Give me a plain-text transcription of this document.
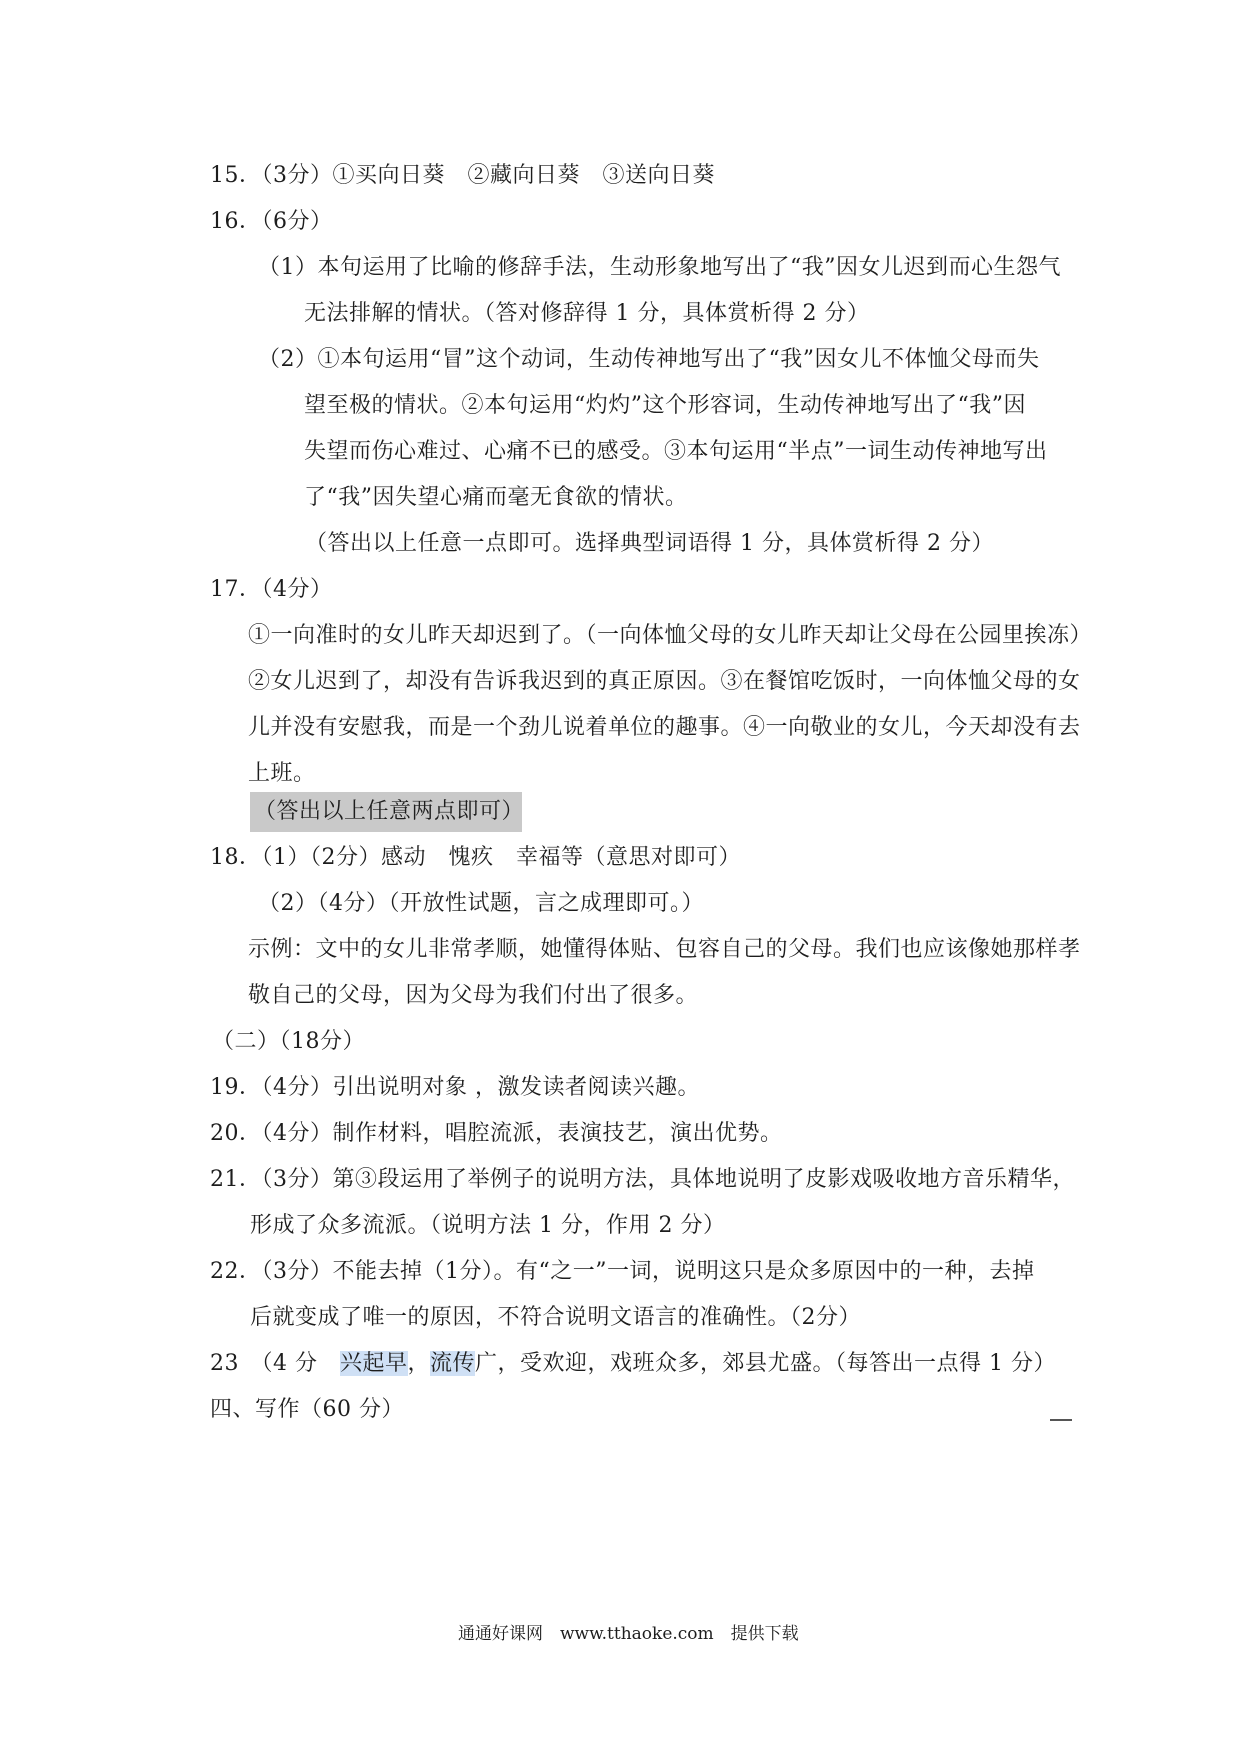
15．（3分）①买向日葵　②藏向日葵　③送向日葵
16．（6分）
（1）本句运用了比喻的修辞手法，生动形象地写出了“我”因女儿迟到而心生怨气
无法排解的情状。（答对修辞得 1 分，具体赏析得 2 分）
（2）①本句运用“冒”这个动词，生动传神地写出了“我”因女儿不体恤父母而失
望至极的情状。②本句运用“灼灼”这个形容词，生动传神地写出了“我”因
失望而伤心难过、心痛不已的感受。③本句运用“半点”一词生动传神地写出
了“我”因失望心痛而毫无食欲的情状。
（答出以上任意一点即可。选择典型词语得 1 分，具体赏析得 2 分）
17．（4分）
①一向准时的女儿昨天却迟到了。（一向体恤父母的女儿昨天却让父母在公园里挨冻）
②女儿迟到了，却没有告诉我迟到的真正原因。③在餐馆吃饭时，一向体恤父母的女
儿并没有安慰我，而是一个劲儿说着单位的趣事。④一向敬业的女儿，今天却没有去
上班。
（答出以上任意两点即可）
18．（1）（2分）感动　愧疚　幸福等（意思对即可）
（2）（4分）（开放性试题，言之成理即可。）
示例：文中的女儿非常孝顺，她懂得体贴、包容自己的父母。我们也应该像她那样孝
敬自己的父母，因为父母为我们付出了很多。
（二）（18分）
19．（4分）引出说明对象 ，激发读者阅读兴趣。
20．（4分）制作材料，唱腔流派，表演技艺，演出优势。
21．（3分）第③段运用了举例子的说明方法，具体地说明了皮影戏吸收地方音乐精华，
形成了众多流派。（说明方法 1 分，作用 2 分）
22．（3分）不能去掉（1分）。有“之一”一词，说明这只是众多原因中的一种，去掉
后就变成了唯一的原因，不符合说明文语言的准确性。（2分）
23　（4 分　兴起早，流传广，受欢迎，戏班众多，郊县尤盛。（每答出一点得 1 分）
四、写作（60 分）
通通好课网　www.tthaoke.com　提供下载
